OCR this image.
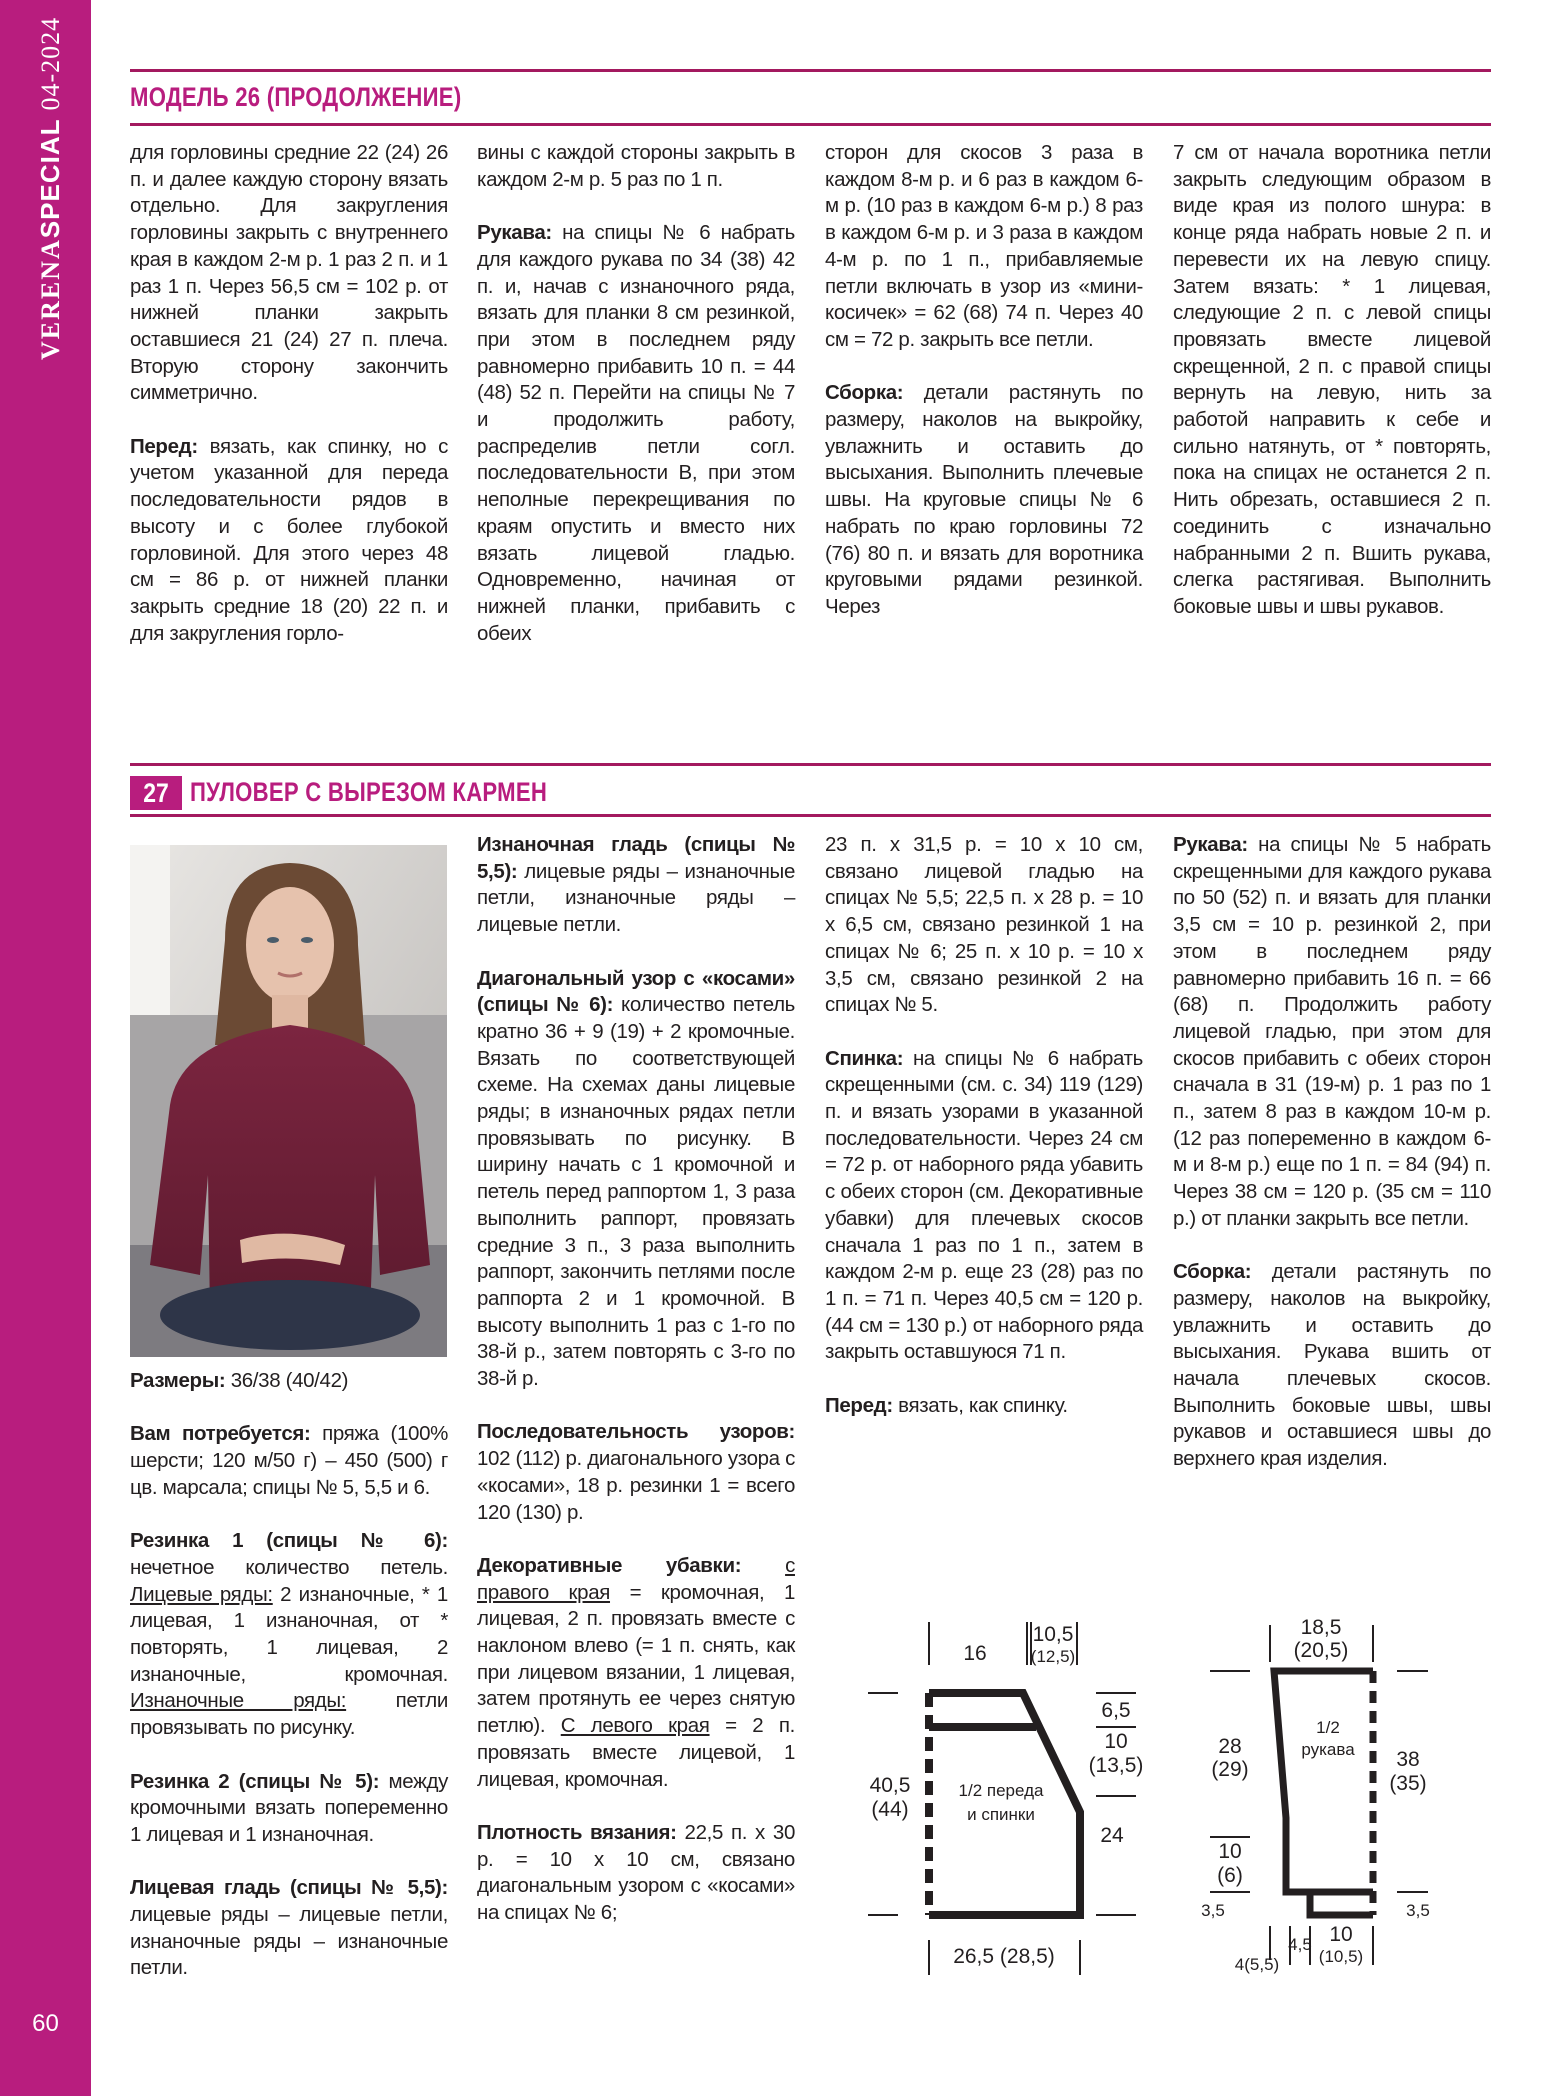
VERENASPECIAL04-2024
60
МОДЕЛЬ 26 (ПРОДОЛЖЕНИЕ)

для горловины средние 22 (24) 26 п. и далее каждую сторону вязать отдельно. Для закругления горловины закрыть с внутреннего края в каждом 2-м р. 1 раз 2 п. и 1 раз 1 п. Через 56,5 см = 102 р. от нижней планки закрыть оставшиеся 21 (24) 27 п. плеча. Вторую сторону закончить симметрично.

Перед: вязать, как спинку, но с учетом указанной для переда последовательности рядов в высоту и с более глубокой горловиной. Для этого через 48 см = 86 р. от нижней планки закрыть средние 18 (20) 22 п. и для закругления горло-

вины с каждой стороны закрыть в каждом 2-м р. 5 раз по 1 п.

Рукава: на спицы № 6 набрать для каждого рукава по 34 (38) 42 п. и, начав с изнаночного ряда, вязать для планки 8 см резинкой, при этом в последнем ряду равномерно прибавить 10 п. = 44 (48) 52 п. Перейти на спицы № 7 и продолжить работу, распределив петли согл. последовательности В, при этом неполные перекрещивания по краям опустить и вместо них вязать лицевой гладью. Одновременно, начиная от нижней планки, прибавить с обеих

сторон для скосов 3 раза в каждом 8-м р. и 6 раз в каждом 6-м р. (10 раз в каждом 6-м р.) 8 раз в каждом 6-м р. и 3 раза в каждом 4-м р. по 1 п., прибавляемые петли включать в узор из «мини-косичек» = 62 (68) 74 п. Через 40 см = 72 р. закрыть все петли.

Сборка: детали растянуть по размеру, наколов на выкройку, увлажнить и оставить до высыхания. Выполнить плечевые швы. На круговые спицы № 6 набрать по краю горловины 72 (76) 80 п. и вязать для воротника круговыми рядами резинкой. Через

7 см от начала воротника петли закрыть следующим образом в виде края из полого шнура: в конце ряда набрать новые 2 п. и перевести их на левую спицу. Затем вязать: * 1 лицевая, следующие 2 п. с левой спицы провязать вместе лицевой скрещенной, 2 п. с правой спицы вернуть на левую, нить за работой направить к себе и сильно натянуть, от * повторять, пока на спицах не останется 2 п. Нить обрезать, оставшиеся 2 п. соединить с изначально набранными 2 п. Вшить рукава, слегка растягивая. Выполнить боковые швы и швы рукавов.

27 ПУЛОВЕР С ВЫРЕЗОМ КАРМЕН

Размеры: 36/38 (40/42)

Вам потребуется: пряжа (100% шерсти; 120 м/50 г) – 450 (500) г цв. марсала; спицы № 5, 5,5 и 6.

Резинка 1 (спицы № 6): нечетное количество петель. Лицевые ряды: 2 изнаночные, * 1 лицевая, 1 изнаночная, от * повторять, 1 лицевая, 2 изнаночные, кромочная. Изнаночные ряды: петли провязывать по рисунку.

Резинка 2 (спицы № 5): между кромочными вязать попеременно 1 лицевая и 1 изнаночная.

Лицевая гладь (спицы № 5,5): лицевые ряды – лицевые петли, изнаночные ряды – изнаночные петли.

Изнаночная гладь (спицы № 5,5): лицевые ряды – изнаночные петли, изнаночные ряды – лицевые петли.

Диагональный узор с «косами» (спицы № 6): количество петель кратно 36 + 9 (19) + 2 кромочные. Вязать по соответствующей схеме. На схемах даны лицевые ряды; в изнаночных рядах петли провязывать по рисунку. В ширину начать с 1 кромочной и петель перед раппортом 1, 3 раза выполнить раппорт, провязать средние 3 п., 3 раза выполнить раппорт, закончить петлями после раппорта 2 и 1 кромочной. В высоту выполнить 1 раз с 1-го по 38-й р., затем повторять с 3-го по 38-й р.

Последовательность узоров: 102 (112) р. диагонального узора с «косами», 18 р. резинки 1 = всего 120 (130) р.

Декоративные убавки: с правого края = кромочная, 1 лицевая, 2 п. провязать вместе с наклоном влево (= 1 п. снять, как при лицевом вязании, 1 лицевая, затем протянуть ее через снятую петлю). С левого края = 2 п. провязать вместе лицевой, 1 лицевая, кромочная.

Плотность вязания: 22,5 п. х 30 р. = 10 х 10 см, связано диагональным узором с «косами» на спицах № 6;

23 п. х 31,5 р. = 10 х 10 см, связано лицевой гладью на спицах № 5,5; 22,5 п. х 28 р. = 10 х 6,5 см, связано резинкой 1 на спицах № 6; 25 п. х 10 р. = 10 х 3,5 см, связано резинкой 2 на спицах № 5.

Спинка: на спицы № 6 набрать скрещенными (см. с. 34) 119 (129) п. и вязать узорами в указанной последовательности. Через 24 см = 72 р. от наборного ряда убавить с обеих сторон (см. Декоративные убавки) для плечевых скосов сначала 1 раз по 1 п., затем в каждом 2-м р. еще 23 (28) раз по 1 п. = 71 п. Через 40,5 см = 120 р. (44 см = 130 р.) от наборного ряда закрыть оставшуюся 71 п.

Перед: вязать, как спинку.

Рукава: на спицы № 5 набрать скрещенными для каждого рукава по 50 (52) п. и вязать для планки 3,5 см = 10 р. резинкой 2, при этом в последнем ряду равномерно прибавить 16 п. = 66 (68) п. Продолжить работу лицевой гладью, при этом для скосов прибавить с обеих сторон сначала в 31 (19-м) р. 1 раз по 1 п., затем 8 раз в каждом 10-м р. (12 раз попеременно в каждом 6-м и 8-м р.) еще по 1 п. = 84 (94) п. Через 38 см = 120 р. (35 см = 110 р.) от планки закрыть все петли.

Сборка: детали растянуть по размеру, наколов на выкройку, увлажнить и оставить до высыхания. Рукава вшить от начала плечевых скосов. Выполнить боковые швы, швы рукавов и оставшиеся швы до верхнего края изделия.

16
10,5
(12,5)
6,5
10
(13,5)
24
40,5
(44)
1/2 переда
и спинки
26,5 (28,5)
18,5
(20,5)
1/2
рукава
28
(29)
10
(6)
3,5
38
(35)
3,5
4(5,5)
4,5 10
(10,5)
